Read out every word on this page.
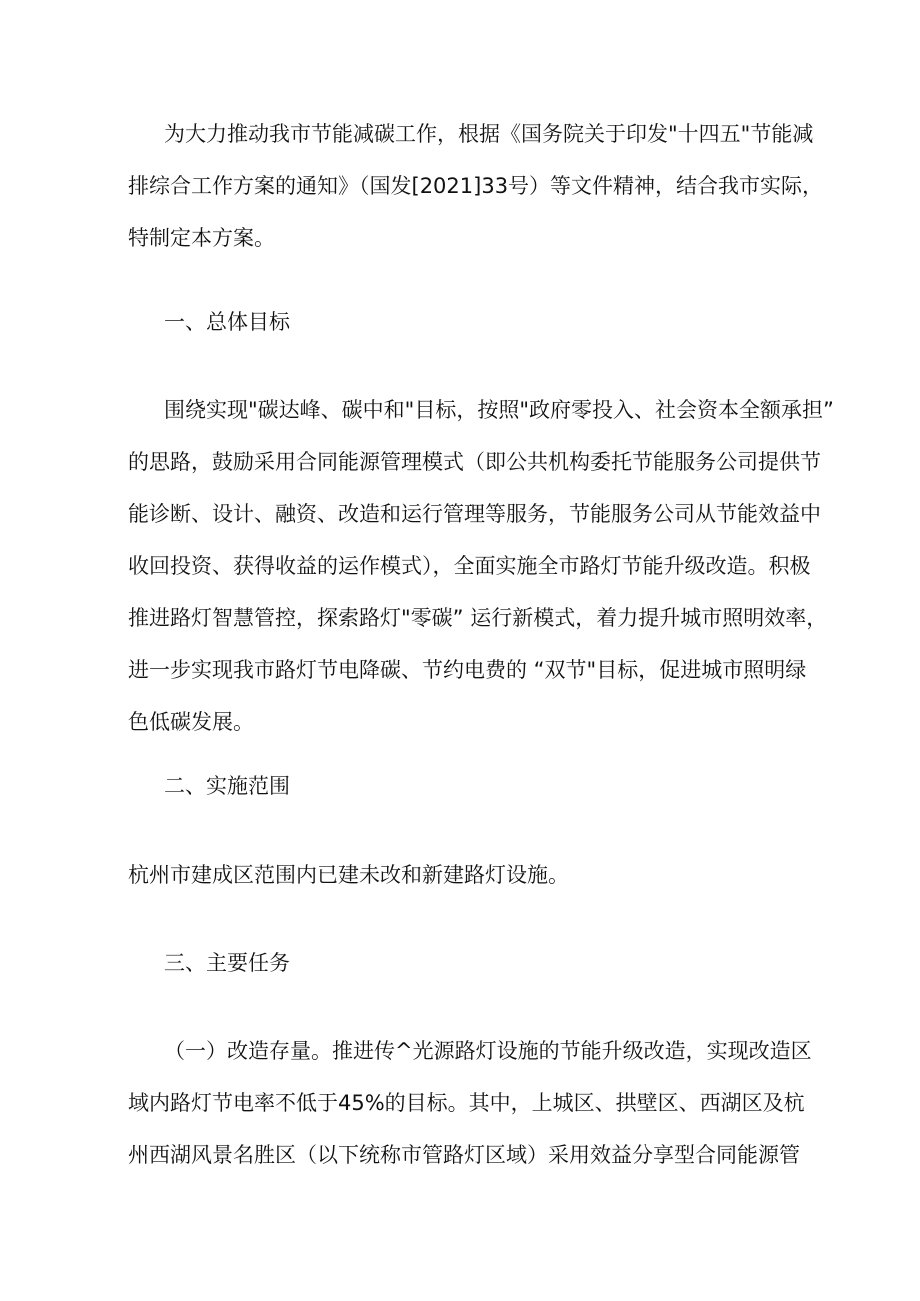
为大力推动我市节能减碳工作，根据《国务院关于印发"十四五"节能减
排综合工作方案的通知》（国发[2021]33号）等文件精神，结合我市实际，
特制定本方案。
一、总体目标
围绕实现"碳达峰、碳中和"目标，按照"政府零投入、社会资本全额承担”
的思路，鼓励采用合同能源管理模式（即公共机构委托节能服务公司提供节
能诊断、设计、融资、改造和运行管理等服务，节能服务公司从节能效益中
收回投资、获得收益的运作模式），全面实施全市路灯节能升级改造。积极
推进路灯智慧管控，探索路灯"零碳” 运行新模式，着力提升城市照明效率，
进一步实现我市路灯节电降碳、节约电费的 “双节"目标，促进城市照明绿
色低碳发展。
二、实施范围
杭州市建成区范围内已建未改和新建路灯设施。
三、主要任务
（一）改造存量。推进传^光源路灯设施的节能升级改造，实现改造区
域内路灯节电率不低于45%的目标。其中，上城区、拱壁区、西湖区及杭
州西湖风景名胜区（以下统称市管路灯区域）采用效益分享型合同能源管
